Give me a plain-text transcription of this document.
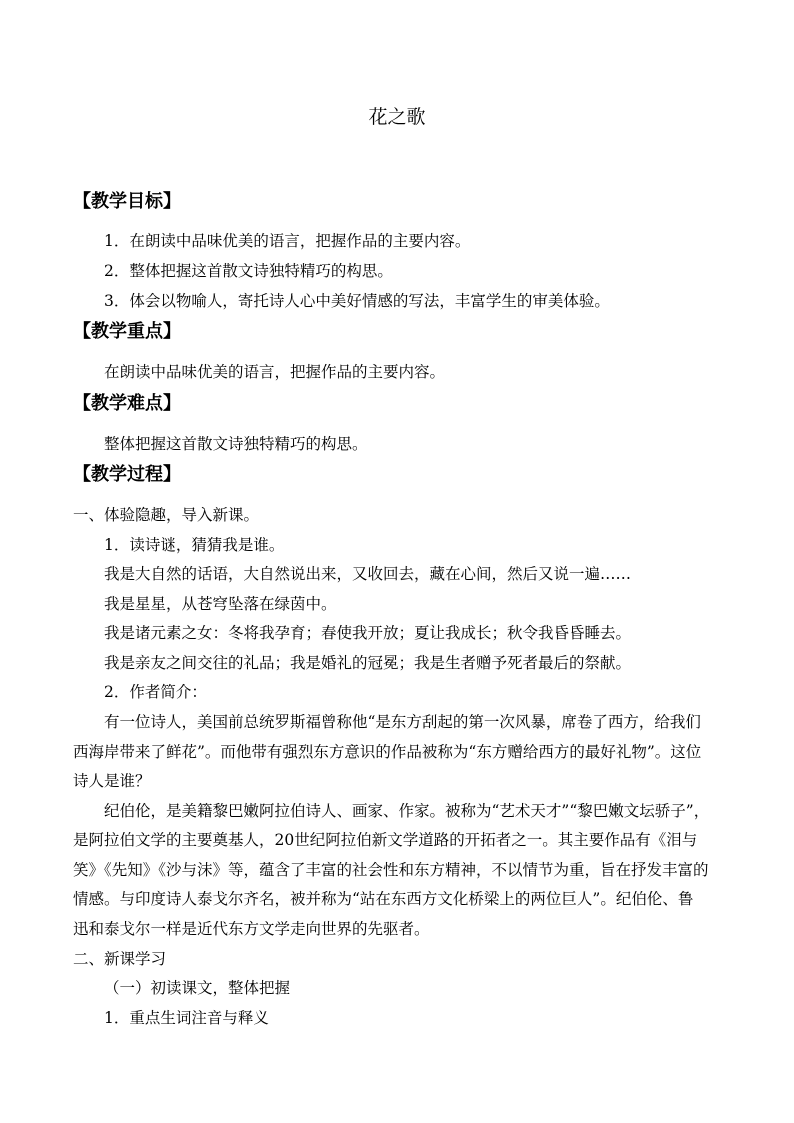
花之歌
【教学目标】
1．在朗读中品味优美的语言，把握作品的主要内容。
2．整体把握这首散文诗独特精巧的构思。
3．体会以物喻人，寄托诗人心中美好情感的写法，丰富学生的审美体验。
【教学重点】
在朗读中品味优美的语言，把握作品的主要内容。
【教学难点】
整体把握这首散文诗独特精巧的构思。
【教学过程】
一、体验隐趣，导入新课。
1．读诗谜，猜猜我是谁。
我是大自然的话语，大自然说出来，又收回去，藏在心间，然后又说一遍……
我是星星，从苍穹坠落在绿茵中。
我是诸元素之女：冬将我孕育；春使我开放；夏让我成长；秋令我昏昏睡去。
我是亲友之间交往的礼品；我是婚礼的冠冕；我是生者赠予死者最后的祭献。
2．作者简介：
有一位诗人，美国前总统罗斯福曾称他“是东方刮起的第一次风暴，席卷了西方，给我们
西海岸带来了鲜花”。而他带有强烈东方意识的作品被称为“东方赠给西方的最好礼物”。这位
诗人是谁？
纪伯伦，是美籍黎巴嫩阿拉伯诗人、画家、作家。被称为“艺术天才”“黎巴嫩文坛骄子”，
是阿拉伯文学的主要奠基人，20世纪阿拉伯新文学道路的开拓者之一。其主要作品有《泪与
笑》《先知》《沙与沫》等，蕴含了丰富的社会性和东方精神，不以情节为重，旨在抒发丰富的
情感。与印度诗人泰戈尔齐名，被并称为“站在东西方文化桥梁上的两位巨人”。纪伯伦、鲁
迅和泰戈尔一样是近代东方文学走向世界的先驱者。
二、新课学习
（一）初读课文，整体把握
1．重点生词注音与释义
